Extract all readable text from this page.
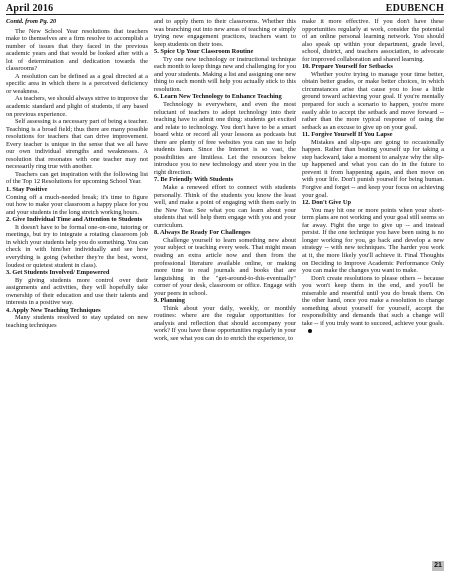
April 2016	EDUBENCH

Contd. from Pg. 20

The New School Year resolutions that teachers make to themselves are a firm resolve to accomplish a number of issues that they faced in the previous academic years and that would be looked after with a lot of determination and dedication towards the classrooms?

A resolution can be defined as a goal directed at a specific area in which there is a perceived deficiency or weakness.

As teachers, we should always strive to improve the academic standard and plight of students, if any based on previous experience.

Self assessing is a necessary part of being a teacher. Teaching is a broad field; thus there are many possible resolutions for teachers that can drive improvement. Every teacher is unique in the sense that we all have our own individual strengths and weaknesses. A resolution that resonates with one teacher may not necessarily ring true with another.

Teachers can get inspiration with the following list of the Top 12 Resolutions for upcoming School Year.

1. Stay Positive

Coming off a much-needed break; it's time to figure out how to make your classroom a happy place for you and your students in the long stretch working hours.

2. Give Individual Time and Attention to Students

It doesn't have to be formal one-on-one, tutoring or meetings, but try to integrate a rotating classroom job in which your students help you do something. You can check in with him/her individually and see how everything is going (whether they're the best, worst, loudest or quietest student in class).

3. Get Students Involved/ Empowered

By giving students more control over their assignments and activities, they will hopefully take ownership of their education and use their talents and interests in a positive way.

4. Apply New Teaching Techniques

Many students resolved to stay updated on new teaching techniques

and to apply them to their classrooms. Whether this was branching out into new areas of teaching or simply trying new engagement practices, teachers want to keep students on their toes.

5. Spice Up Your Classroom Routine

Try one new technology or instructional technique each month to keep things new and challenging for you and your students. Making a list and assigning one new thing to each month will help you actually stick to this resolution.

6. Learn New Technology to Enhance Teaching

Technology is everywhere, and even the most reluctant of teachers to adopt technology into their teaching have to admit one thing: students get excited and relate to technology. You don't have to be a smart board whiz or record all your lessons as podcasts but there are plenty of free websites you can use to help students learn. Since the Internet is so vast, the possibilities are limitless. Let the resources below introduce you to new technology and steer you in the right direction.

7. Be Friendly With Students

Make a renewed effort to connect with students personally. Think of the students you know the least well, and make a point of engaging with them early in the New Year. See what you can learn about your students that will help them engage with you and your curriculum.

8. Always Be Ready For Challenges

Challenge yourself to learn something new about your subject or teaching every week. That might mean reading an extra article now and then from the professional literature available online, or making more time to read journals and books that are languishing in the "get-around-to-this-eventually" corner of your desk, classroom or office. Engage with your peers in school.

9. Planning

Think about your daily, weekly, or monthly routines: where are the regular opportunities for analysis and reflection that should accompany your work? If you have these opportunities regularly in your work, see what you can do to enrich the experience, to

make it more effective. If you don't have these opportunities regularly at work, consider the potential of an online personal learning network. You should also speak up within your department, grade level, school, district, and teachers association, to advocate for improved collaboration and shared learning.

10. Prepare Yourself for Setbacks

Whether you're trying to manage your time better, obtain better grades, or make better choices, in which circumstances arise that cause you to lose a little ground toward achieving your goal. If you're mentally prepared for such a scenario to happen, you're more easily able to accept the setback and move forward -- rather than the more typical response of using the setback as an excuse to give up on your goal.

11. Forgive Yourself If You Lapse

Mistakes and slip-ups are going to occasionally happen. Rather than beating yourself up for taking a step backward, take a moment to analyze why the slip-up happened and what you can do in the future to prevent it from happening again, and then move on with your life. Don't punish yourself for being human. Forgive and forget -- and keep your focus on achieving your goal.

12. Don't Give Up

You may hit one or more points when your short-term plans are not working and your goal still seems so far away. Fight the urge to give up -- and instead persist. If the one technique you have been using is no longer working for you, go back and develop a new strategy -- with new techniques. The harder you work at it, the more likely you'll achieve it. Final Thoughts on Deciding to Improve Academic Performance Only you can make the changes you want to make.

Don't create resolutions to please others -- because you won't keep them in the end, and you'll be miserable and resentful until you do break them. On the other hand, once you make a resolution to change something about yourself for yourself, accept the responsibility and demands that such a change will take -- if you truly want to succeed, achieve your goals.

21
